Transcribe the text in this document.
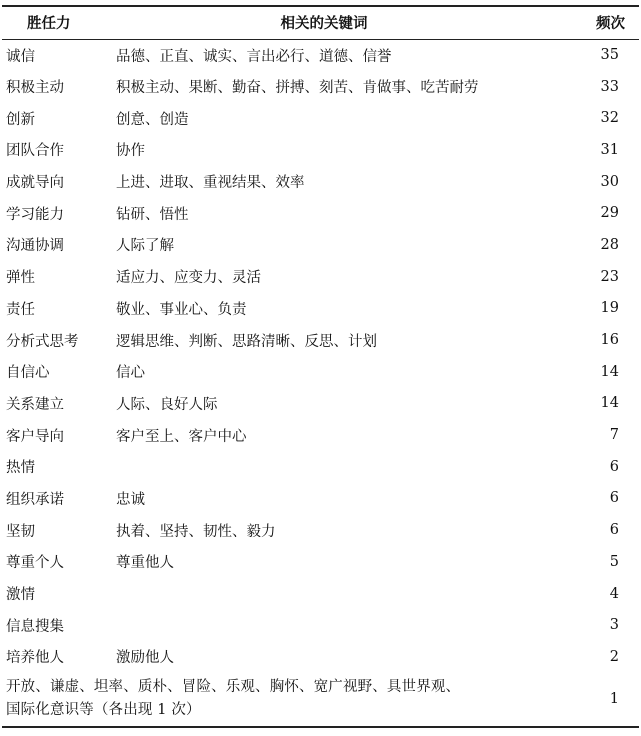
胜任力	相关的关键词	频次
诚信	品德、正直、诚实、言出必行、道德、信誉	35
积极主动	积极主动、果断、勤奋、拼搏、刻苦、肯做事、吃苦耐劳	33
创新	创意、创造	32
团队合作	协作	31
成就导向	上进、进取、重视结果、效率	30
学习能力	钻研、悟性	29
沟通协调	人际了解	28
弹性	适应力、应变力、灵活	23
责任	敬业、事业心、负责	19
分析式思考	逻辑思维、判断、思路清晰、反思、计划	16
自信心	信心	14
关系建立	人际、良好人际	14
客户导向	客户至上、客户中心	7
热情		6
组织承诺	忠诚	6
坚韧	执着、坚持、韧性、毅力	6
尊重个人	尊重他人	5
激情		4
信息搜集		3
培养他人	激励他人	2

开放、谦虚、坦率、质朴、冒险、乐观、胸怀、宽广视野、具世界观、
国际化意识等（各出现 1 次）		1
